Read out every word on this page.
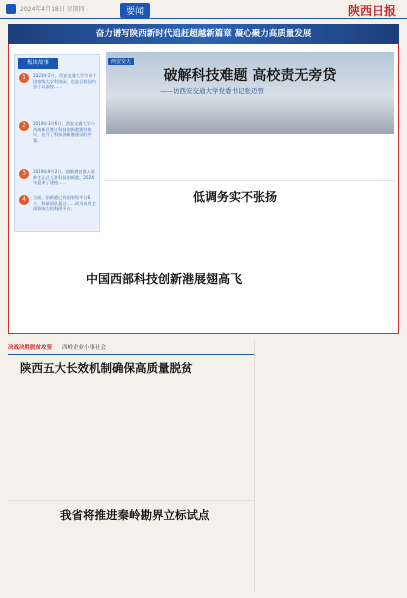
2024年4月18日 星期四	要闻	陕西日报
奋力谱写陕西新时代追赶超越新篇章 凝心聚力高质量发展
1	2023年2月，西安交通大学为首个国家级大学科技园，也是目前国内首个以高校……
2	2019年3月6日，西安交通大学与西咸新区签订科技创新港建设协议，拉开了科技创新港建设的序幕。
3	2019年9月2日，创新港首批入驻师生正式入驻科技创新港。2024年迎来了建校……
4	当前，创新港已有国家级平台8个，科研团队超过……成为具有全国影响力的科创平台。
板块故事	西安交大
破解科技难题 高校责无旁贷
——访西安交通大学党委书记张迈曾
低调务实不张扬
中国西部科技创新港展翅高飞
决战决胜脱贫攻坚 西岭企业小事社会
陕西五大长效机制确保高质量脱贫
我省将推进秦岭勘界立标试点
